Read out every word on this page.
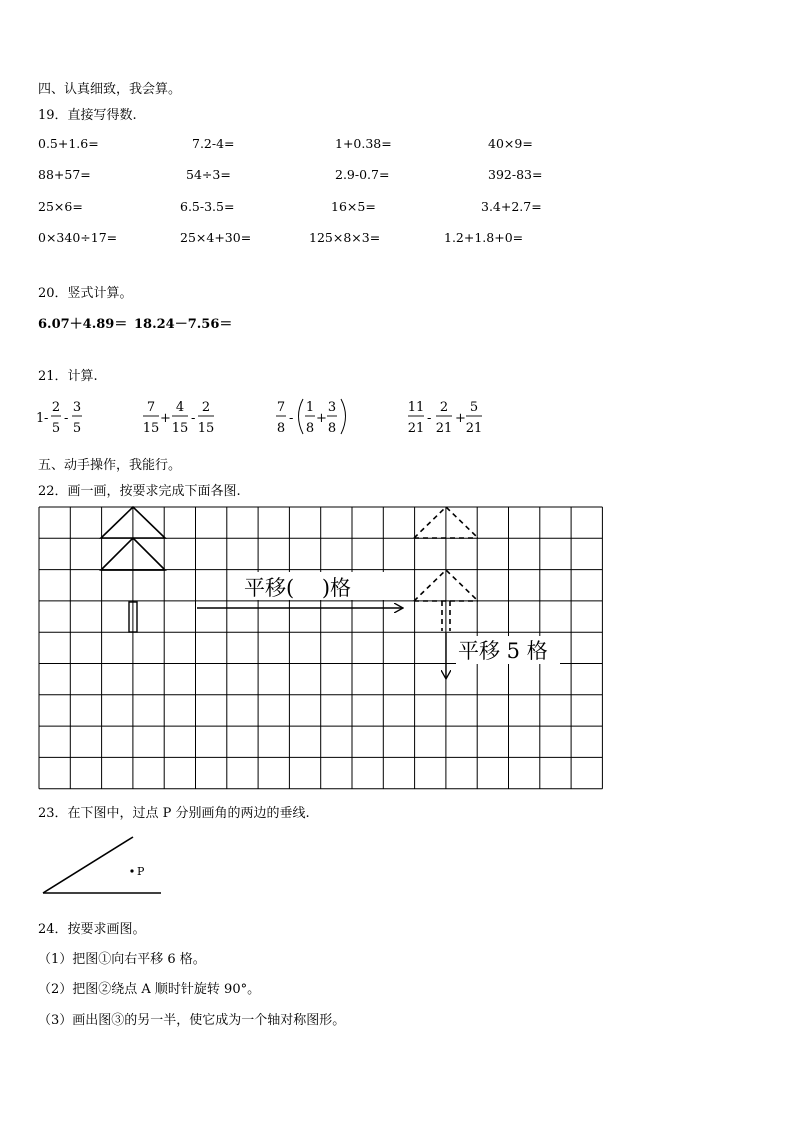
四、认真细致，我会算。
19．直接写得数.
0.5+1.6=	7.2-4=	1+0.38=	40×9=
88+57=	54÷3=	2.9-0.7=	392-83=
25×6=	6.5-3.5=	16×5=	3.4+2.7=
0×340÷17=	25×4+30=	125×8×3=	1.2+1.8+0=
20．竖式计算。
6.07＋4.89＝ 18.24－7.56＝
21．计算.
1 -
2
5
-
3
5
7
15
+
4
15
-
2
15
7
8
-
1
8
+
3
8
11
21
-
2
21
+
5
21
五、动手操作，我能行。
22．画一画，按要求完成下面各图.
平移(　 )格
平移 5 格
23．在下图中，过点 P 分别画角的两边的垂线.
P
24．按要求画图。
（1）把图①向右平移 6 格。
（2）把图②绕点 A 顺时针旋转 90°。
（3）画出图③的另一半，使它成为一个轴对称图形。
